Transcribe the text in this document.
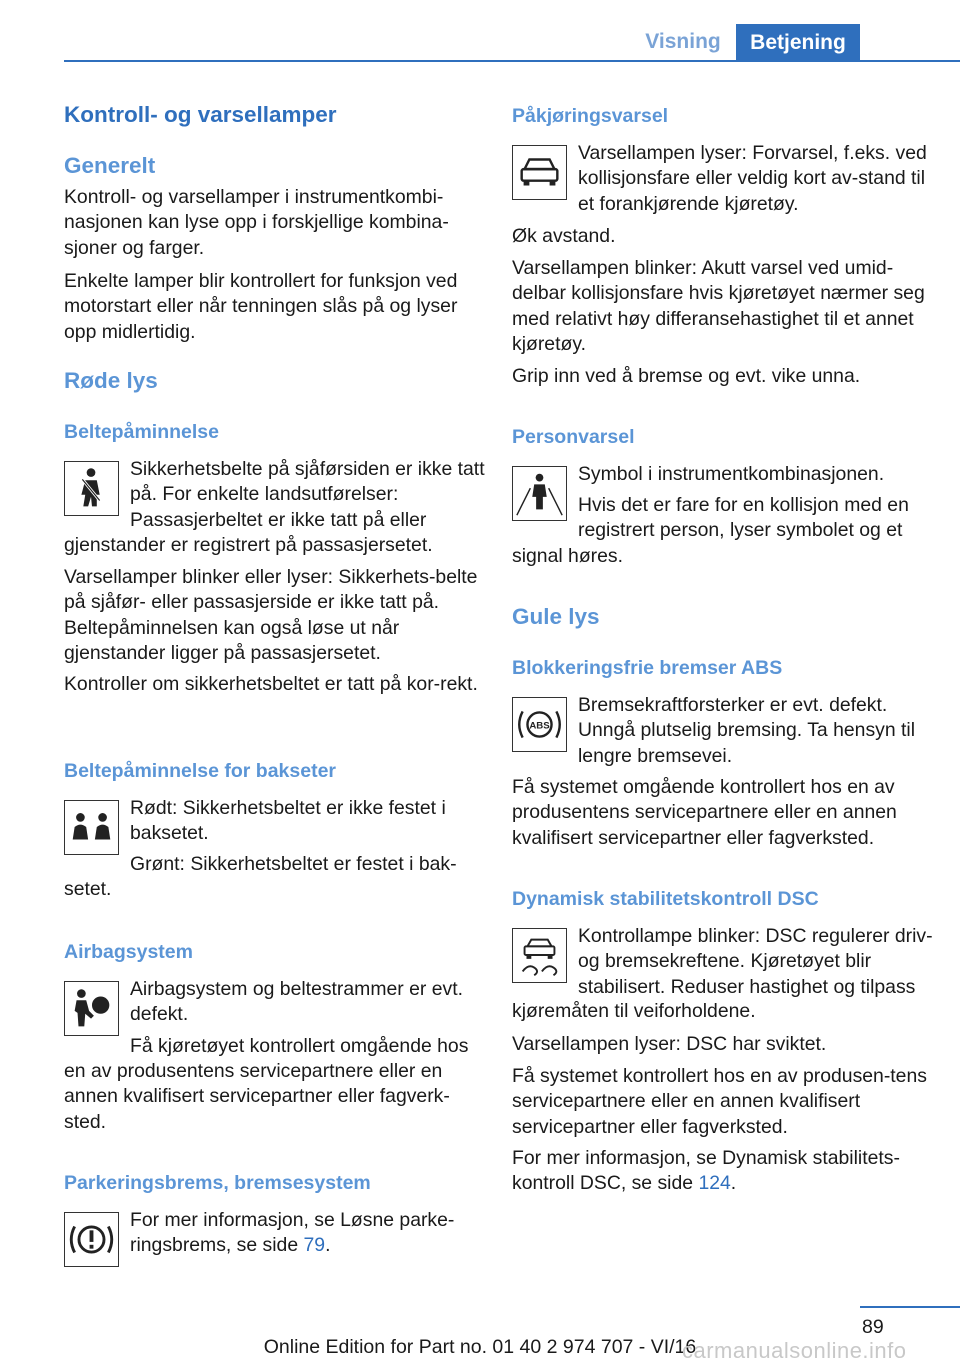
Visning	Betjening
Kontroll- og varsellamper
Generelt
Kontroll- og varsellamper i instrumentkombi-nasjonen kan lyse opp i forskjellige kombina-sjoner og farger.
Enkelte lamper blir kontrollert for funksjon ved motorstart eller når tenningen slås på og lyser opp midlertidig.
Røde lys
Beltepåminnelse
Sikkerhetsbelte på sjåførsiden er ikke tatt på. For enkelte landsutførelser: Passasjerbeltet er ikke tatt på eller
gjenstander er registrert på passasjersetet.
Varsellamper blinker eller lyser: Sikkerhets-belte på sjåfør- eller passasjerside er ikke tatt på. Beltepåminnelsen kan også løse ut når gjenstander ligger på passasjersetet.
Kontroller om sikkerhetsbeltet er tatt på kor-rekt.
Beltepåminnelse for bakseter
Rødt: Sikkerhetsbeltet er ikke festet i baksetet.
Grønt: Sikkerhetsbeltet er festet i bak-
setet.
Airbagsystem
Airbagsystem og beltestrammer er evt. defekt.
Få kjøretøyet kontrollert omgående hos
en av produsentens servicepartnere eller en annen kvalifisert servicepartner eller fagverk-sted.
Parkeringsbrems, bremsesystem
For mer informasjon, se Løsne parke-ringsbrems, se side 79.
Påkjøringsvarsel
Varsellampen lyser: Forvarsel, f.eks. ved kollisjonsfare eller veldig kort av-stand til et forankjørende kjøretøy.
Øk avstand.
Varsellampen blinker: Akutt varsel ved umid-delbar kollisjonsfare hvis kjøretøyet nærmer seg med relativt høy differansehastighet til et annet kjøretøy.
Grip inn ved å bremse og evt. vike unna.
Personvarsel
Symbol i instrumentkombinasjonen.
Hvis det er fare for en kollisjon med en registrert person, lyser symbolet og et
signal høres.
Gule lys
Blokkeringsfrie bremser ABS
ABS
Bremsekraftforsterker er evt. defekt. Unngå plutselig bremsing. Ta hensyn til lengre bremsevei.
Få systemet omgående kontrollert hos en av produsentens servicepartnere eller en annen kvalifisert servicepartner eller fagverksted.
Dynamisk stabilitetskontroll DSC
Kontrollampe blinker: DSC regulerer driv- og bremsekreftene. Kjøretøyet blir stabilisert. Reduser hastighet og tilpass
kjøremåten til veiforholdene.
Varsellampen lyser: DSC har sviktet.
Få systemet kontrollert hos en av produsen-tens servicepartnere eller en annen kvalifisert servicepartner eller fagverksted.
For mer informasjon, se Dynamisk stabilitets-kontroll DSC, se side 124.
89
Online Edition for Part no. 01 40 2 974 707 - VI/16
carmanualsonline.info
